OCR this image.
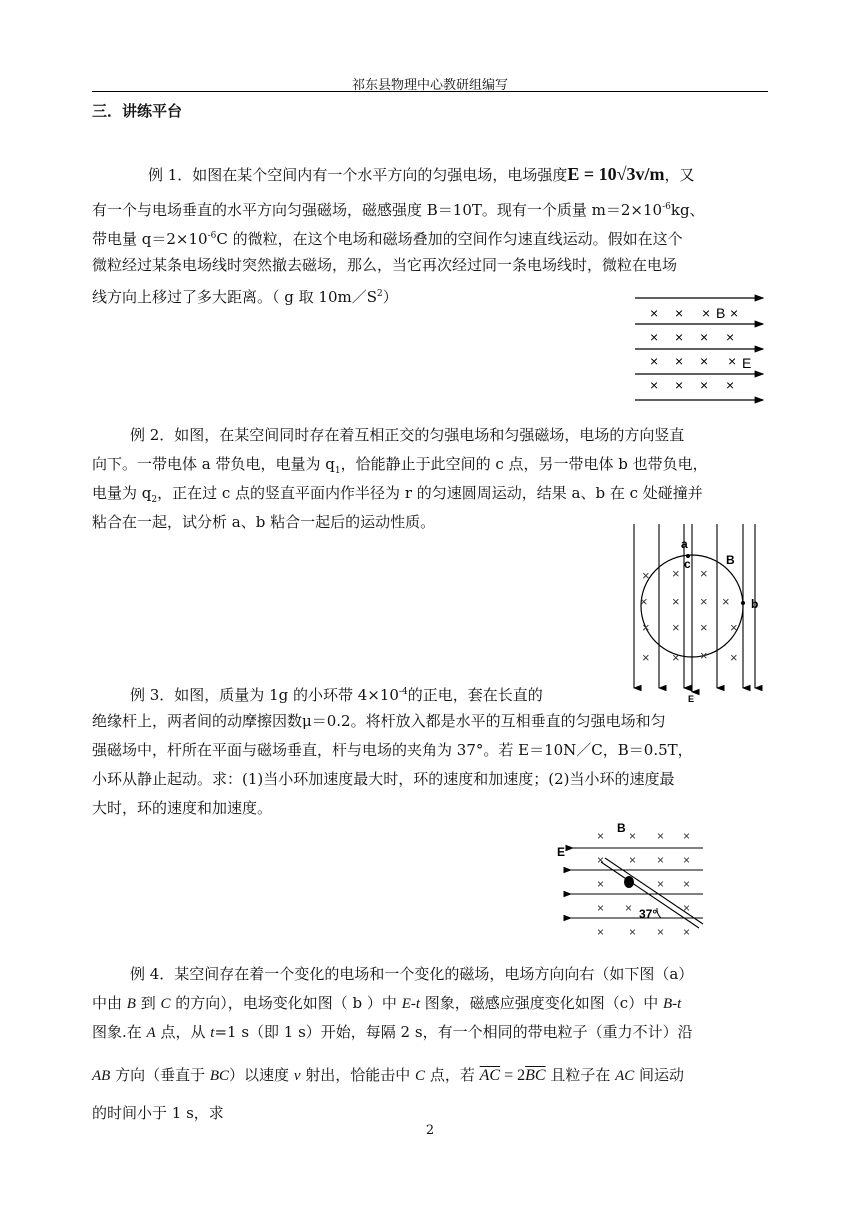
祁东县物理中心教研组编写
三．讲练平台
例 1．如图在某个空间内有一个水平方向的匀强电场，电场强度E = 10√3v/m，又
有一个与电场垂直的水平方向匀强磁场，磁感强度 B＝10T。现有一个质量 $m=2\times 10^{-6}kg$、
带电量 $q=2\times 10^{-6}C$ 的微粒，在这个电场和磁场叠加的空间作匀速直线运动。假如在这个
微粒经过某条电场线时突然撤去磁场，那么，当它再次经过同一条电场线时，微粒在电场
线方向上移过了多大距离。（ g 取 $10m/S^2$）
× × × B ×
× × × ×
× × × × E
× × × ×
例 2．如图，在某空间同时存在着互相正交的匀强电场和匀强磁场，电场的方向竖直
向下。一带电体 a 带负电，电量为 $q_1$，恰能静止于此空间的 c 点，另一带电体 b 也带负电，
电量为 $q_2$，正在过 c 点的竖直平面内作半径为 r 的匀速圆周运动，结果 a、b 在 c 处碰撞并
粘合在一起，试分析 a、b 粘合一起后的运动性质。
a
c	B
b
E
× × ×
× × × ×
× × × ×
× × × ×
例 3．如图，质量为 1g 的小环带 $4\times 10^{-4}$的正电，套在长直的
绝缘杆上，两者间的动摩擦因数μ＝0.2。将杆放入都是水平的互相垂直的匀强电场和匀
强磁场中，杆所在平面与磁场垂直，杆与电场的夹角为 37°。若 E＝10N／C，B＝0.5T，
小环从静止起动。求：(1)当小环加速度最大时，环的速度和加速度；(2)当小环的速度最
大时，环的速度和加速度。
B
E
37°
× × × ×
× × × ×
×	× ×
× ×	×
× × × ×
例 4．某空间存在着一个变化的电场和一个变化的磁场，电场方向向右（如下图（a）
中由 B 到 C 的方向），电场变化如图（ b ）中 E-t 图象，磁感应强度变化如图（c）中 B-t
图象.在 A 点，从 t=1 s（即 1 s）开始，每隔 2 s，有一个相同的带电粒子（重力不计）沿
AB 方向（垂直于 BC）以速度 v 射出，恰能击中 C 点，若 $\overline{AC} = 2\overline{BC}$ 且粒子在 AC 间运动
的时间小于 1 s，求
2
